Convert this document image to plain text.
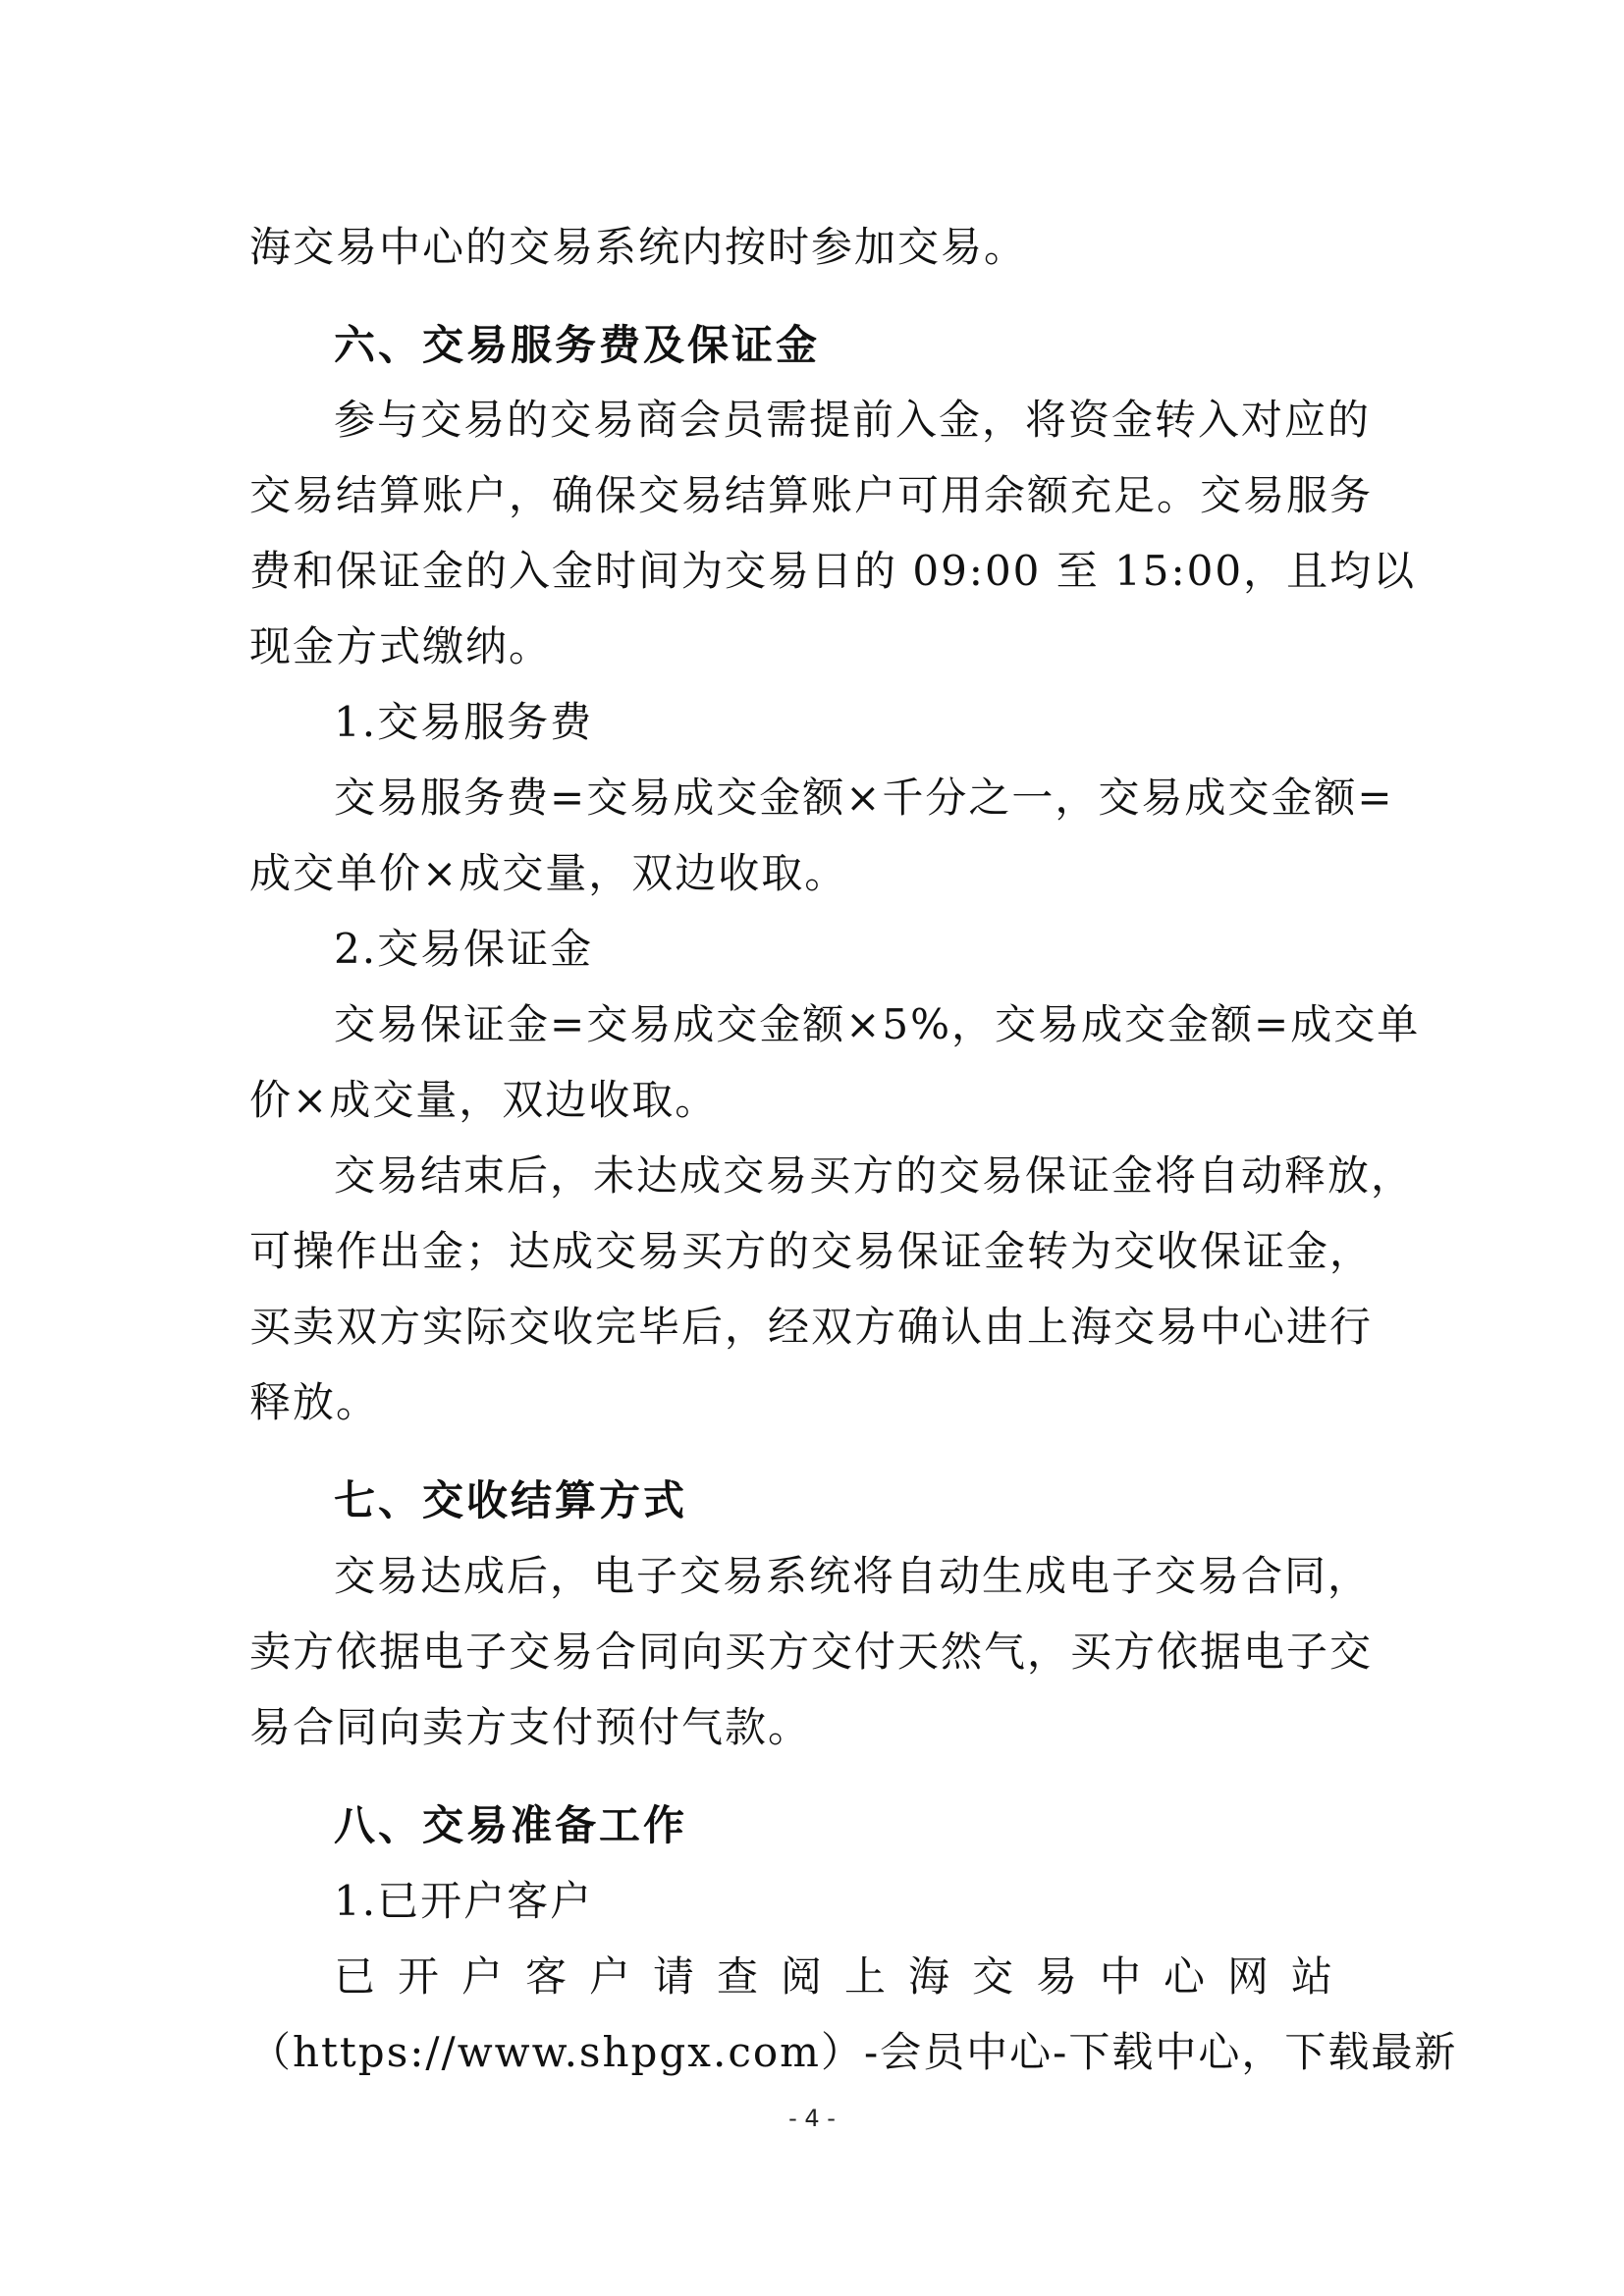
海交易中心的交易系统内按时参加交易。
六、交易服务费及保证金
参与交易的交易商会员需提前入金，将资金转入对应的
交易结算账户，确保交易结算账户可用余额充足。交易服务
费和保证金的入金时间为交易日的 09:00 至 15:00，且均以
现金方式缴纳。
1.交易服务费
交易服务费=交易成交金额×千分之一，交易成交金额=
成交单价×成交量，双边收取。
2.交易保证金
交易保证金=交易成交金额×5%，交易成交金额=成交单
价×成交量，双边收取。
交易结束后，未达成交易买方的交易保证金将自动释放，
可操作出金；达成交易买方的交易保证金转为交收保证金，
买卖双方实际交收完毕后，经双方确认由上海交易中心进行
释放。
七、交收结算方式
交易达成后，电子交易系统将自动生成电子交易合同，
卖方依据电子交易合同向买方交付天然气，买方依据电子交
易合同向卖方支付预付气款。
八、交易准备工作
1.已开户客户
已开户客户请查阅上海交易中心网站
（https://www.shpgx.com）-会员中心-下载中心，下载最新
- 4 -
